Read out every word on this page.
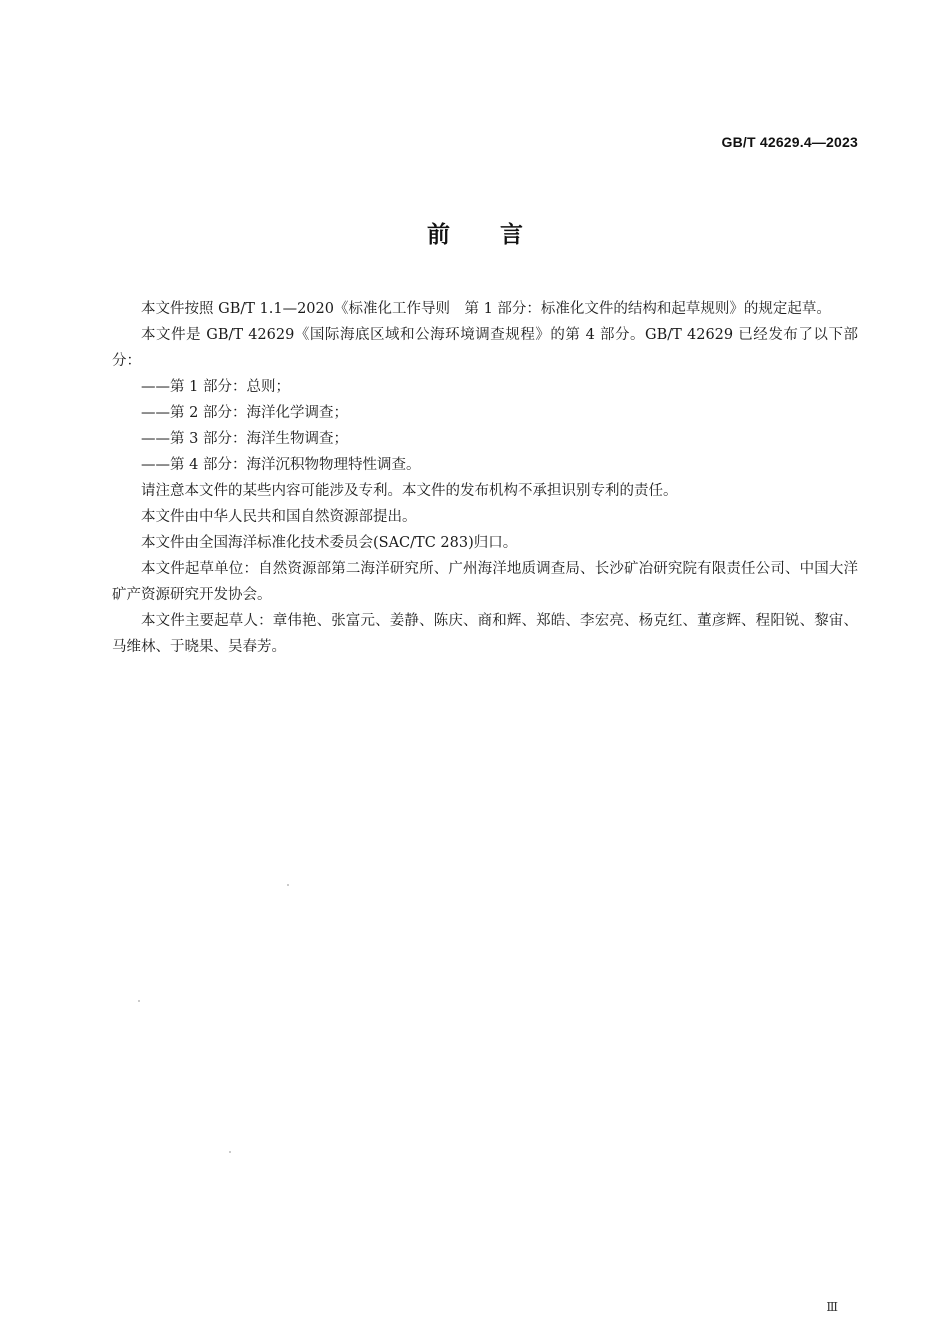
GB/T 42629.4—2023
前言

本文件按照 GB/T 1.1—2020《标准化工作导则　第 1 部分：标准化文件的结构和起草规则》的规定起草。

本文件是 GB/T 42629《国际海底区域和公海环境调查规程》的第 4 部分。GB/T 42629 已经发布了以下部分：

——第 1 部分：总则；

——第 2 部分：海洋化学调查；

——第 3 部分：海洋生物调查；

——第 4 部分：海洋沉积物物理特性调查。

请注意本文件的某些内容可能涉及专利。本文件的发布机构不承担识别专利的责任。

本文件由中华人民共和国自然资源部提出。

本文件由全国海洋标准化技术委员会(SAC/TC 283)归口。

本文件起草单位：自然资源部第二海洋研究所、广州海洋地质调查局、长沙矿冶研究院有限责任公司、中国大洋矿产资源研究开发协会。

本文件主要起草人：章伟艳、张富元、姜静、陈庆、商和辉、郑皓、李宏亮、杨克红、董彦辉、程阳锐、黎宙、马维林、于晓果、吴春芳。

Ⅲ
